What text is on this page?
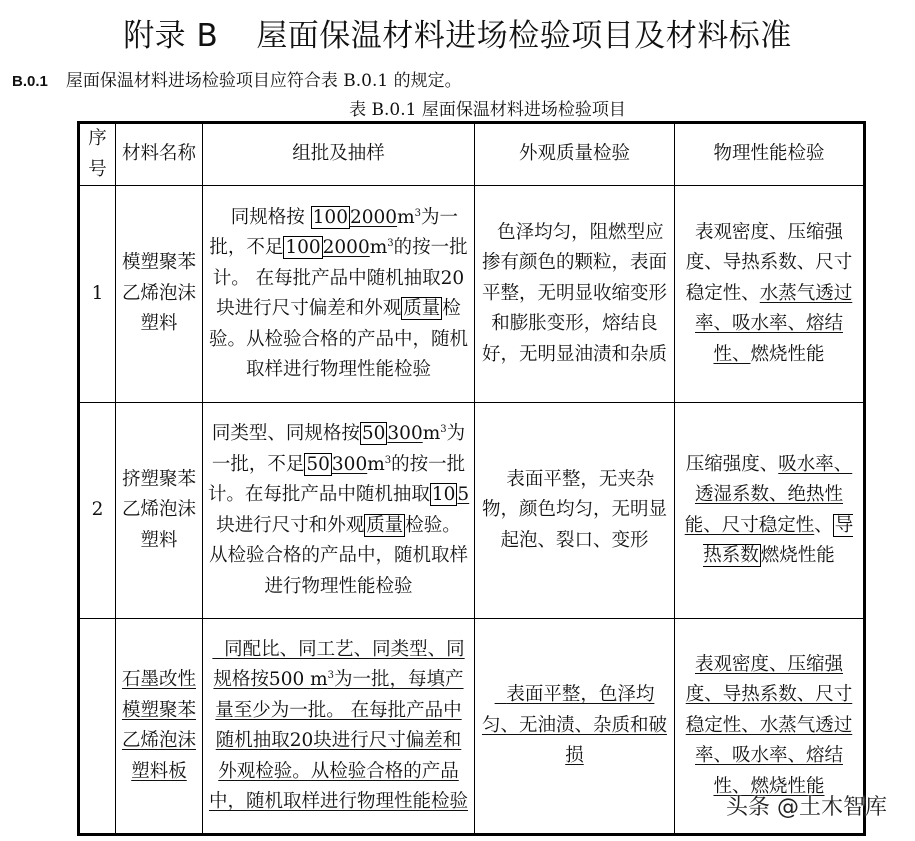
附录 B 屋面保温材料进场检验项目及材料标准
B.0.1 屋面保温材料进场检验项目应符合表 B.0.1 的规定。
表 B.0.1 屋面保温材料进场检验项目
序号	材料名称	组批及抽样	外观质量检验	物理性能检验
1	模塑聚苯乙烯泡沫塑料	同规格按 100 $2000m^3$为一批，不足 100 $2000m^3$的按一批计。 在每批产品中随机抽取20块进行尺寸偏差和外观 质量 检验。从检验合格的产品中，随机取样进行物理性能检验	色泽均匀，阻燃型应掺有颜色的颗粒，表面平整，无明显收缩变形和膨胀变形，熔结良好，无明显油渍和杂质	表观密度、压缩强度、导热系数、尺寸稳定性、水蒸气透过率、吸水率、熔结性、燃烧性能
2	挤塑聚苯乙烯泡沫塑料	同类型、同规格按 50 $300m^3$为一批，不足 50 $300m^3$的按一批计。在每批产品中随机抽取 10 5块进行尺寸和外观 质量 检验。从检验合格的产品中，随机取样进行物理性能检验	表面平整，无夹杂物，颜色均匀，无明显起泡、裂口、变形	压缩强度、吸水率、透湿系数、绝热性能、尺寸稳定性、 导热系数 燃烧性能
	石墨改性模塑聚苯乙烯泡沫塑料板	同配比、同工艺、同类型、同规格按500 $m^3$为一批，每填产量至少为一批。 在每批产品中随机抽取20块进行尺寸偏差和外观检验。从检验合格的产品中，随机取样进行物理性能检验	表面平整，色泽均匀、无油渍、杂质和破损	表观密度、压缩强度、导热系数、尺寸稳定性、水蒸气透过率、吸水率、熔结性、燃烧性能
头条 @土木智库
